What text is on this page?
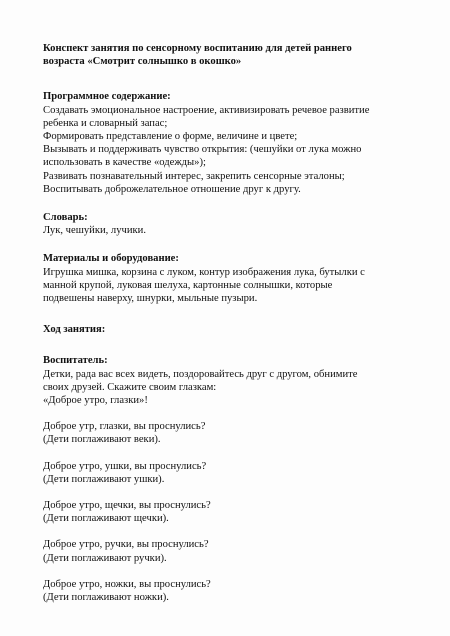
Конспект занятия по сенсорному воспитанию для детей раннего
возраста «Смотрит солнышко в окошко»
Программное содержание:
Создавать эмоциональное настроение, активизировать речевое развитие
ребенка и словарный запас;
Формировать представление о форме, величине и цвете;
Вызывать и поддерживать чувство открытия: (чешуйки от лука можно
использовать в качестве «одежды»);
Развивать познавательный интерес, закрепить сенсорные эталоны;
Воспитывать доброжелательное отношение друг к другу.
Словарь:
Лук, чешуйки, лучики.
Материалы и оборудование:
Игрушка мишка, корзина с луком, контур изображения лука, бутылки с
манной крупой, луковая шелуха, картонные солнышки, которые
подвешены наверху, шнурки, мыльные пузыри.
Ход занятия:
Воспитатель:
Детки, рада вас всех видеть, поздоровайтесь друг с другом, обнимите
своих друзей. Скажите своим глазкам:
«Доброе утро, глазки»!
Доброе утр, глазки, вы проснулись?
(Дети поглаживают веки).
Доброе утро, ушки, вы проснулись?
(Дети поглаживают ушки).
Доброе утро, щечки, вы проснулись?
(Дети поглаживают щечки).
Доброе утро, ручки, вы проснулись?
(Дети поглаживают ручки).
Доброе утро, ножки, вы проснулись?
(Дети поглаживают ножки).
